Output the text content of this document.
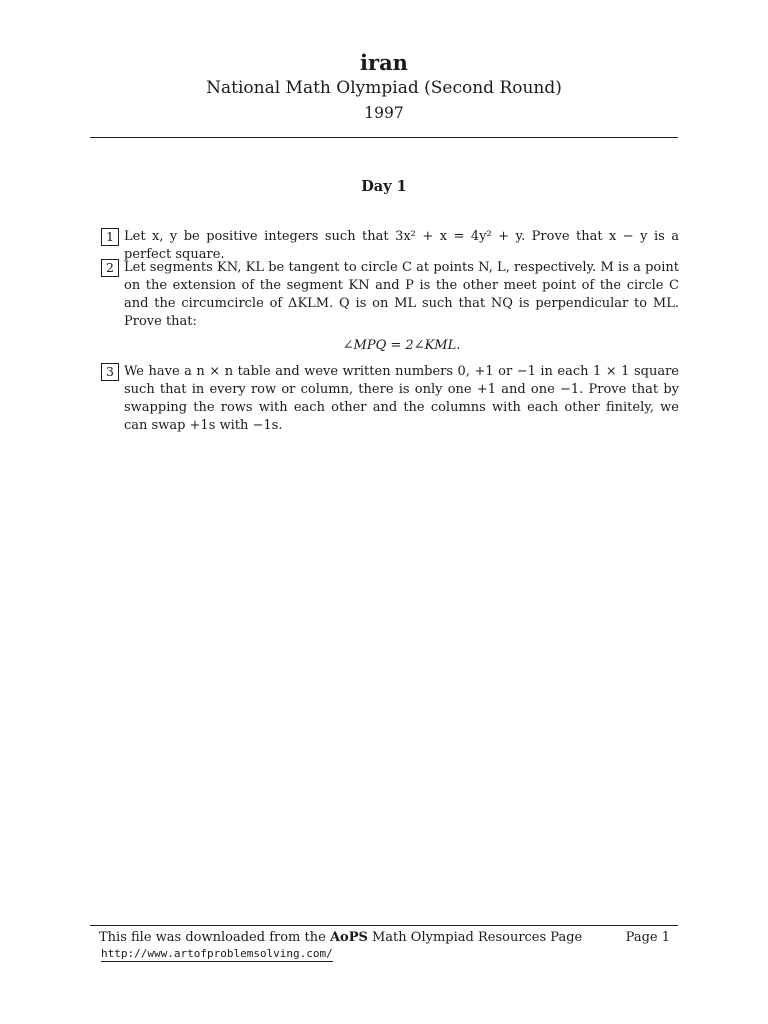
iran
National Math Olympiad (Second Round)
1997
Day 1
1 Let x, y be positive integers such that 3x² + x = 4y² + y. Prove that x − y is a perfect square.
2 Let segments KN, KL be tangent to circle C at points N, L, respectively. M is a point on the extension of the segment KN and P is the other meet point of the circle C and the circumcircle of ΔKLM. Q is on ML such that NQ is perpendicular to ML. Prove that:
∠MPQ = 2∠KML.
3 We have a n × n table and weve written numbers 0, +1 or −1 in each 1 × 1 square such that in every row or column, there is only one +1 and one −1. Prove that by swapping the rows with each other and the columns with each other finitely, we can swap +1s with −1s.
This file was downloaded from the AoPS Math Olympiad Resources Page
http://www.artofproblemsolving.com/
Page 1
